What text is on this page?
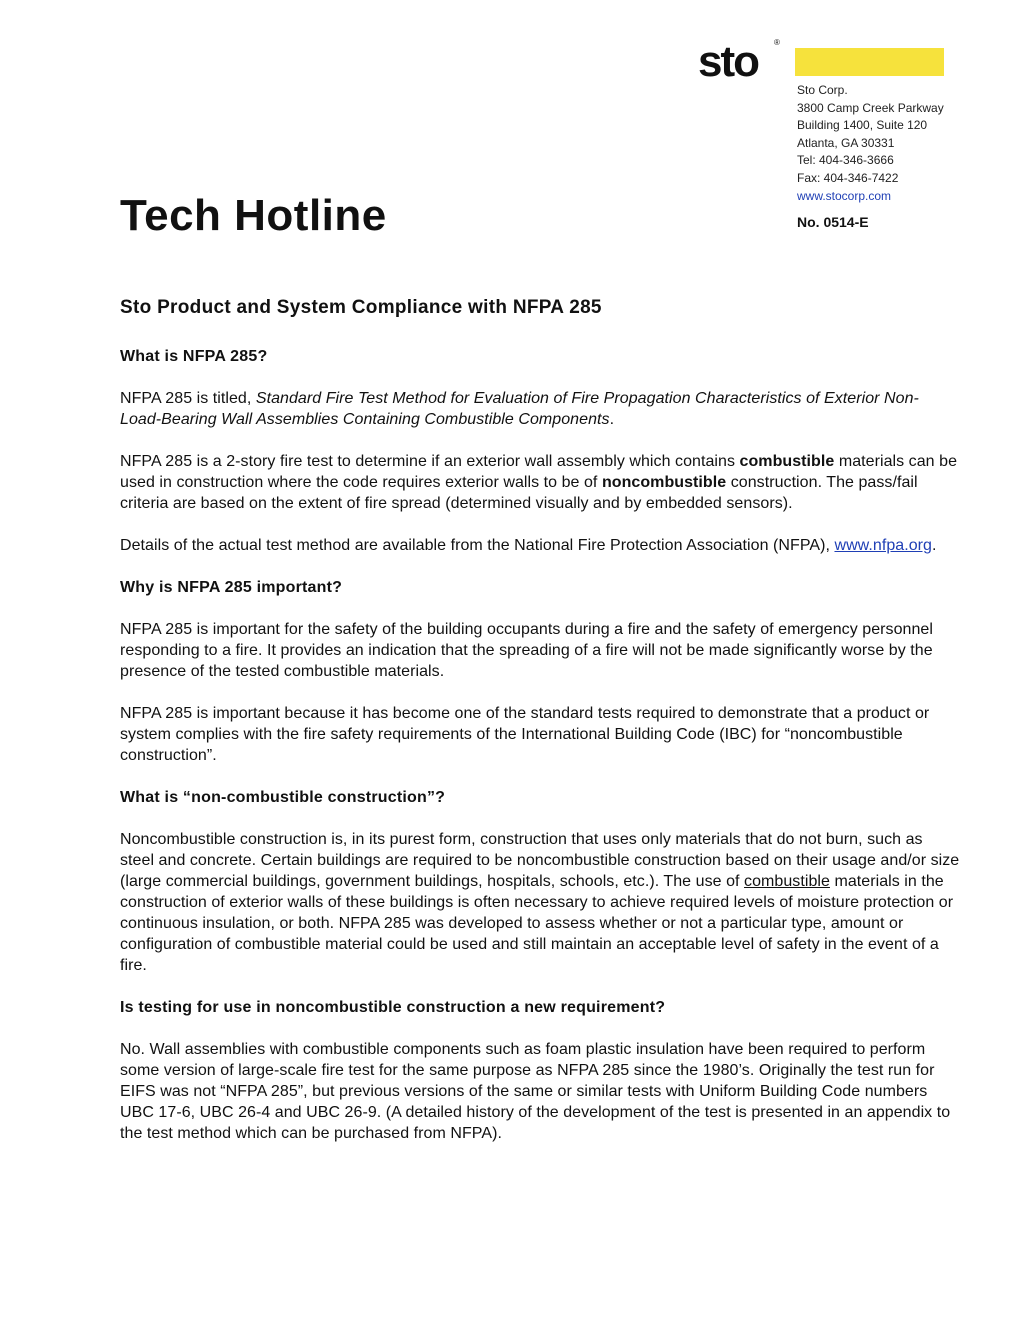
sto ®
Sto Corp.
3800 Camp Creek Parkway
Building 1400, Suite 120
Atlanta, GA 30331
Tel: 404-346-3666
Fax: 404-346-7422
www.stocorp.com
No. 0514-E
Tech Hotline
Sto Product and System Compliance with NFPA 285
What is NFPA 285?

NFPA 285 is titled, Standard Fire Test Method for Evaluation of Fire Propagation Characteristics of Exterior Non-Load-Bearing Wall Assemblies Containing Combustible Components.

NFPA 285 is a 2-story fire test to determine if an exterior wall assembly which contains combustible materials can be used in construction where the code requires exterior walls to be of noncombustible construction. The pass/fail criteria are based on the extent of fire spread (determined visually and by embedded sensors).

Details of the actual test method are available from the National Fire Protection Association (NFPA), www.nfpa.org.

Why is NFPA 285 important?

NFPA 285 is important for the safety of the building occupants during a fire and the safety of emergency personnel responding to a fire. It provides an indication that the spreading of a fire will not be made significantly worse by the presence of the tested combustible materials.

NFPA 285 is important because it has become one of the standard tests required to demonstrate that a product or system complies with the fire safety requirements of the International Building Code (IBC) for “noncombustible construction”.

What is “non-combustible construction”?

Noncombustible construction is, in its purest form, construction that uses only materials that do not burn, such as steel and concrete. Certain buildings are required to be noncombustible construction based on their usage and/or size (large commercial buildings, government buildings, hospitals, schools, etc.). The use of combustible materials in the construction of exterior walls of these buildings is often necessary to achieve required levels of moisture protection or continuous insulation, or both. NFPA 285 was developed to assess whether or not a particular type, amount or configuration of combustible material could be used and still maintain an acceptable level of safety in the event of a fire.

Is testing for use in noncombustible construction a new requirement?

No. Wall assemblies with combustible components such as foam plastic insulation have been required to perform some version of large-scale fire test for the same purpose as NFPA 285 since the 1980’s. Originally the test run for EIFS was not “NFPA 285”, but previous versions of the same or similar tests with Uniform Building Code numbers UBC 17-6, UBC 26-4 and UBC 26-9. (A detailed history of the development of the test is presented in an appendix to the test method which can be purchased from NFPA).
